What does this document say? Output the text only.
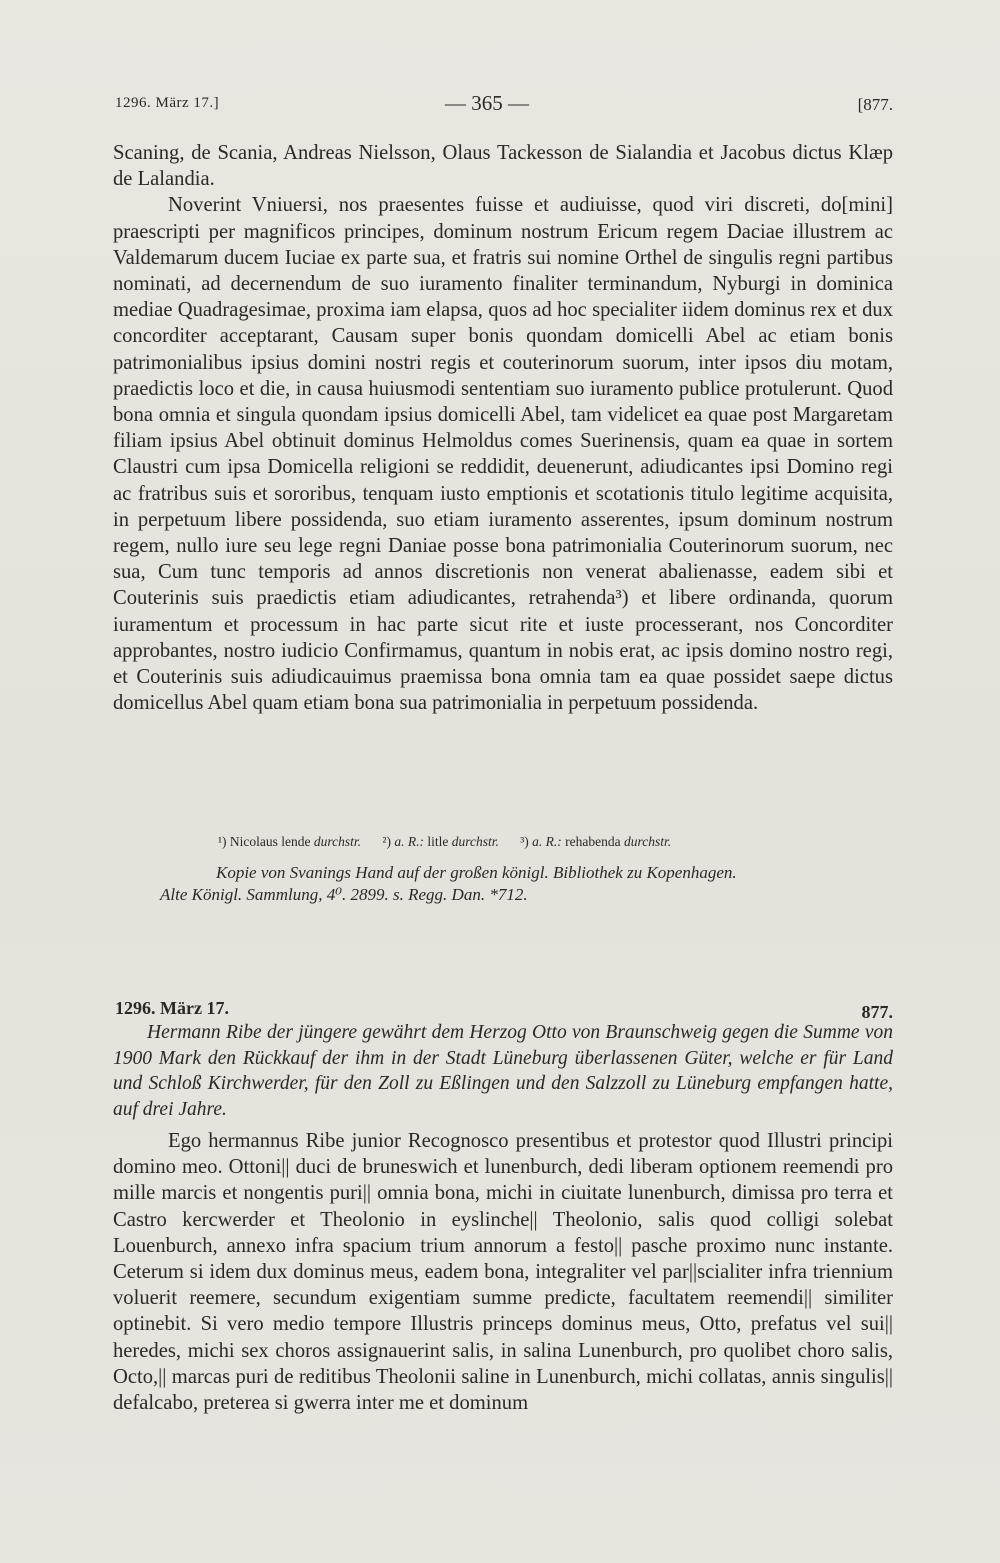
1296. März 17.]	— 365 —	[877.

Scaning, de Scania, Andreas Nielsson, Olaus Tackesson de Sialandia et Jacobus dictus Klæp de Lalandia.

Noverint Vniuersi, nos praesentes fuisse et audiuisse, quod viri discreti, do[mini] praescripti per magnificos principes, dominum nostrum Ericum regem Daciae illustrem ac Valdemarum ducem Iuciae ex parte sua, et fratris sui nomine Orthel de singulis regni partibus nominati, ad decernendum de suo iuramento finaliter terminandum, Nyburgi in dominica mediae Quadragesimae, proxima iam elapsa, quos ad hoc specialiter iidem dominus rex et dux concorditer acceptarant, Causam super bonis quondam domicelli Abel ac etiam bonis patrimonialibus ipsius domini nostri regis et couterinorum suorum, inter ipsos diu motam, praedictis loco et die, in causa huiusmodi sententiam suo iuramento publice protulerunt. Quod bona omnia et singula quondam ipsius domicelli Abel, tam videlicet ea quae post Margaretam filiam ipsius Abel obtinuit dominus Helmoldus comes Suerinensis, quam ea quae in sortem Claustri cum ipsa Domicella religioni se reddidit, deuenerunt, adiudicantes ipsi Domino regi ac fratribus suis et sororibus, tenquam iusto emptionis et scotationis titulo legitime acquisita, in perpetuum libere possidenda, suo etiam iuramento asserentes, ipsum dominum nostrum regem, nullo iure seu lege regni Daniae posse bona patrimonialia Couterinorum suorum, nec sua, Cum tunc temporis ad annos discretionis non venerat abalienasse, eadem sibi et Couterinis suis praedictis etiam adiudicantes, retrahenda³) et libere ordinanda, quorum iuramentum et processum in hac parte sicut rite et iuste processerant, nos Concorditer approbantes, nostro iudicio Confirmamus, quantum in nobis erat, ac ipsis domino nostro regi, et Couterinis suis adiudicauimus praemissa bona omnia tam ea quae possidet saepe dictus domicellus Abel quam etiam bona sua patrimonialia in perpetuum possidenda.

¹) Nicolaus lende durchstr. ²) a. R.: litle durchstr. ³) a. R.: rehabenda durchstr.
Kopie von Svanings Hand auf der großen königl. Bibliothek zu Kopenhagen.
Alte Königl. Sammlung, 4⁰. 2899. s. Regg. Dan. *712.
1296. März 17.	877.

Hermann Ribe der jüngere gewährt dem Herzog Otto von Braunschweig gegen die Summe von 1900 Mark den Rückkauf der ihm in der Stadt Lüneburg überlassenen Güter, welche er für Land und Schloß Kirchwerder, für den Zoll zu Eßlingen und den Salzzoll zu Lüneburg empfangen hatte, auf drei Jahre.

Ego hermannus Ribe junior Recognosco presentibus et protestor quod Illustri principi domino meo. Ottoni|| duci de bruneswich et lunenburch, dedi liberam optionem reemendi pro mille marcis et nongentis puri|| omnia bona, michi in ciuitate lunenburch, dimissa pro terra et Castro kercwerder et Theolonio in eyslinche|| Theolonio, salis quod colligi solebat Louenburch, annexo infra spacium trium annorum a festo|| pasche proximo nunc instante. Ceterum si idem dux dominus meus, eadem bona, integraliter vel par||scialiter infra triennium voluerit reemere, secundum exigentiam summe predicte, facultatem reemendi|| similiter optinebit. Si vero medio tempore Illustris princeps dominus meus, Otto, prefatus vel sui|| heredes, michi sex choros assignauerint salis, in salina Lunenburch, pro quolibet choro salis, Octo,|| marcas puri de reditibus Theolonii saline in Lunenburch, michi collatas, annis singulis|| defalcabo, preterea si gwerra inter me et dominum
